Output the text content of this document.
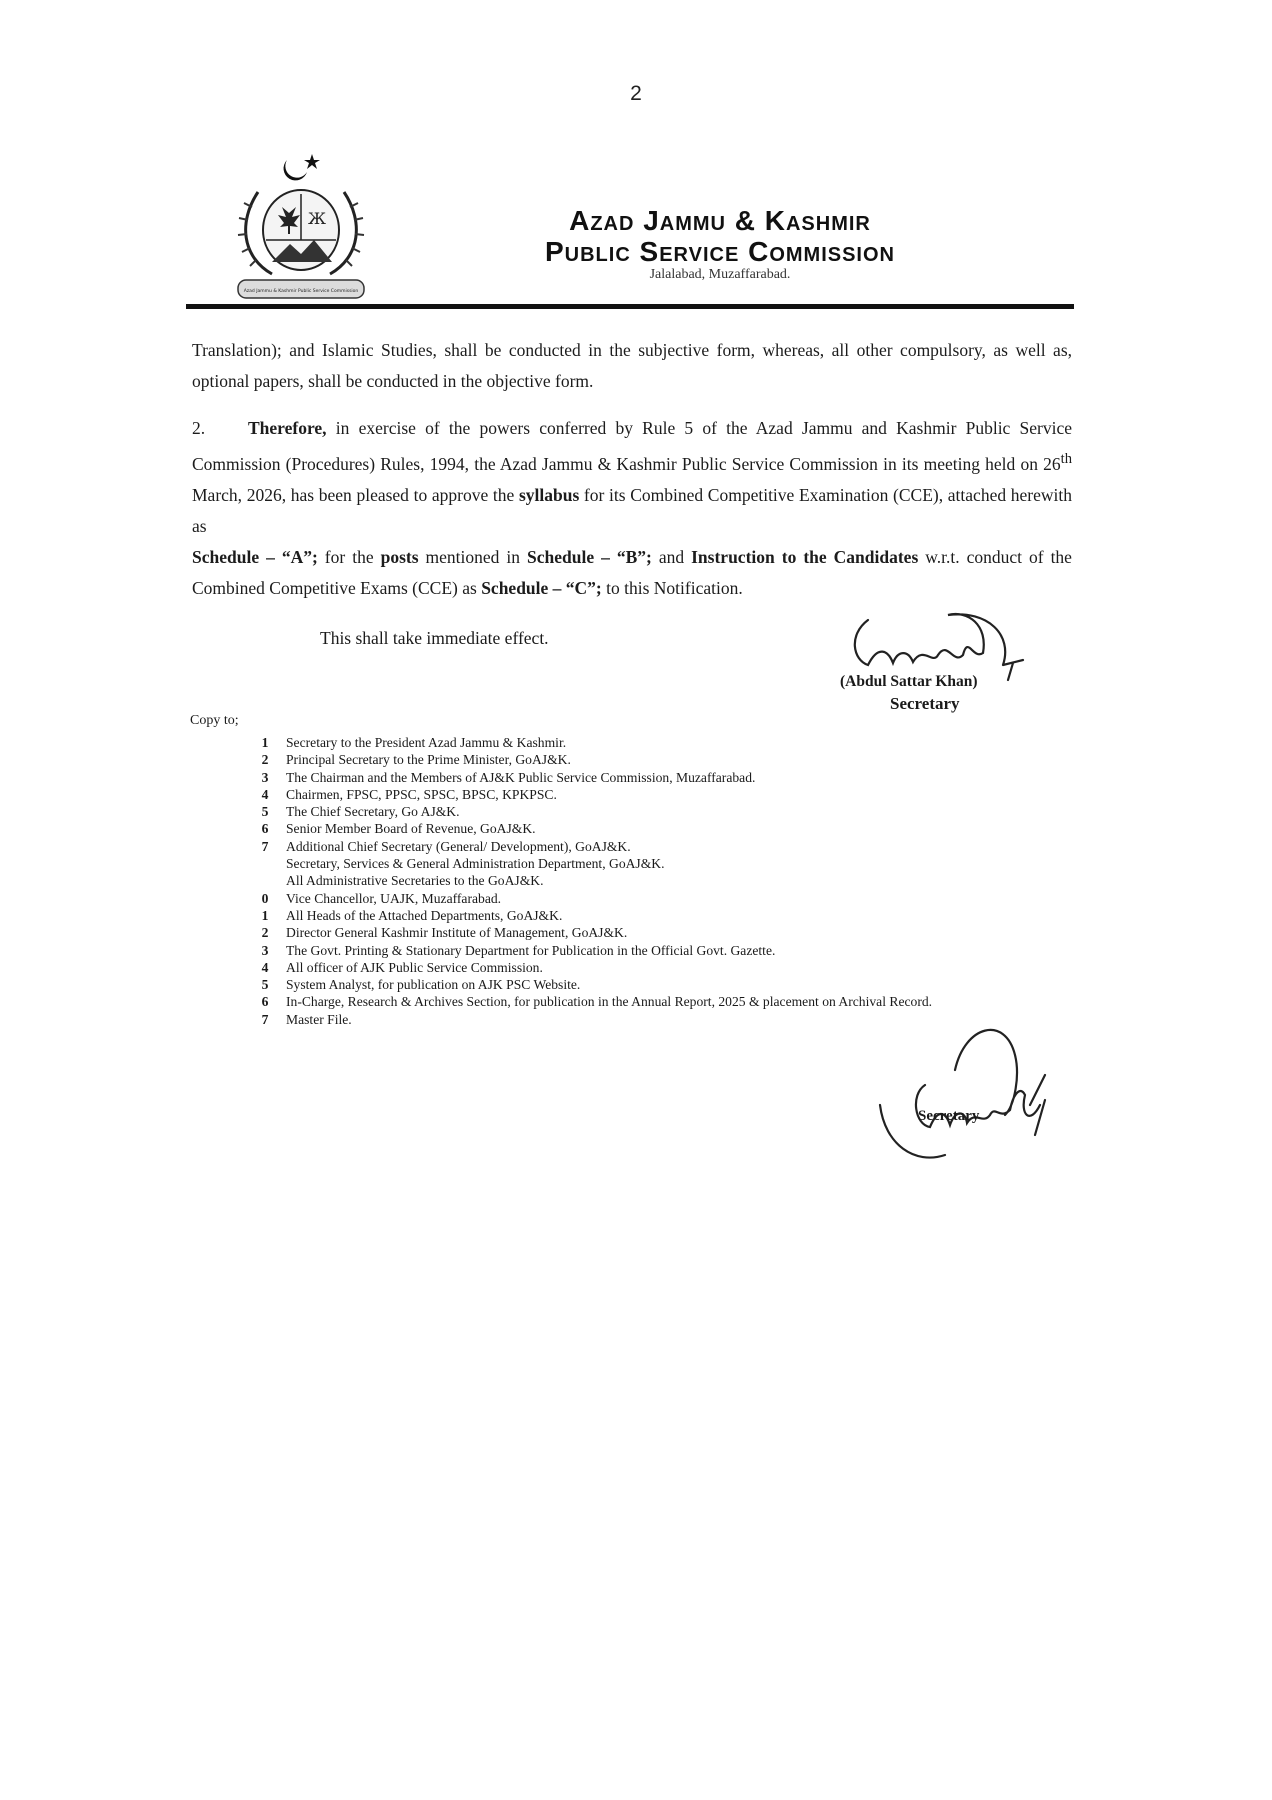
2
Ж
Azad Jammu & Kashmir Public Service Commission
Azad Jammu & Kashmir
Public Service Commission
Jalalabad, Muzaffarabad.
Translation); and Islamic Studies, shall be conducted in the subjective form, whereas, all other compulsory, as well as, optional papers, shall be conducted in the objective form.

2. Therefore, in exercise of the powers conferred by Rule 5 of the Azad Jammu and Kashmir Public Service Commission (Procedures) Rules, 1994, the Azad Jammu & Kashmir Public Service Commission in its meeting held on 26th March, 2026, has been pleased to approve the syllabus for its Combined Competitive Examination (CCE), attached herewith as

Schedule – “A”; for the posts mentioned in Schedule – “B”; and Instruction to the Candidates w.r.t. conduct of the Combined Competitive Exams (CCE) as Schedule – “C”; to this Notification.

This shall take immediate effect.
(Abdul Sattar Khan)
Secretary
Copy to;
1 Secretary to the President Azad Jammu & Kashmir.
2 Principal Secretary to the Prime Minister, GoAJ&K.
3 The Chairman and the Members of AJ&K Public Service Commission, Muzaffarabad.
4 Chairmen, FPSC, PPSC, SPSC, BPSC, KPKPSC.
5 The Chief Secretary, Go AJ&K.
6 Senior Member Board of Revenue, GoAJ&K.
7 Additional Chief Secretary (General/ Development), GoAJ&K.
Secretary, Services & General Administration Department, GoAJ&K.
All Administrative Secretaries to the GoAJ&K.
0 Vice Chancellor, UAJK, Muzaffarabad.
1 All Heads of the Attached Departments, GoAJ&K.
2 Director General Kashmir Institute of Management, GoAJ&K.
3 The Govt. Printing & Stationary Department for Publication in the Official Govt. Gazette.
4 All officer of AJK Public Service Commission.
5 System Analyst, for publication on AJK PSC Website.
6 In-Charge, Research & Archives Section, for publication in the Annual Report, 2025 & placement on Archival Record.
7 Master File.
Secretary
